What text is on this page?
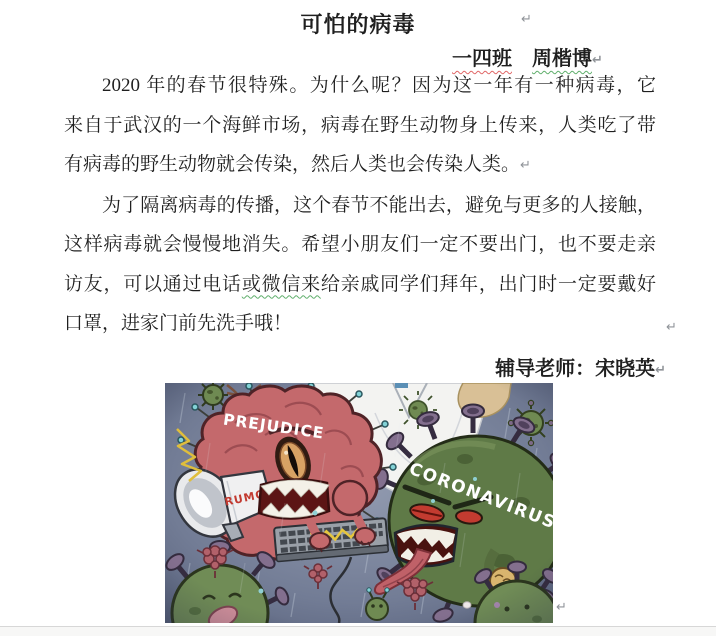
可怕的病毒	↵
一四班　 周楷博↵
2020 年的春节很特殊。为什么呢？因为这一年有一种病毒，它
来自于武汉的一个海鲜市场，病毒在野生动物身上传来，人类吃了带
有病毒的野生动物就会传染，然后人类也会传染人类。↵
为了隔离病毒的传播，这个春节不能出去，避免与更多的人接触，
这样病毒就会慢慢地消失。希望小朋友们一定不要出门，也不要走亲
访友，可以通过电话或微信来给亲戚同学们拜年，出门时一定要戴好
口罩，进家门前先洗手哦！	↵
辅导老师：宋晓英↵
↵
